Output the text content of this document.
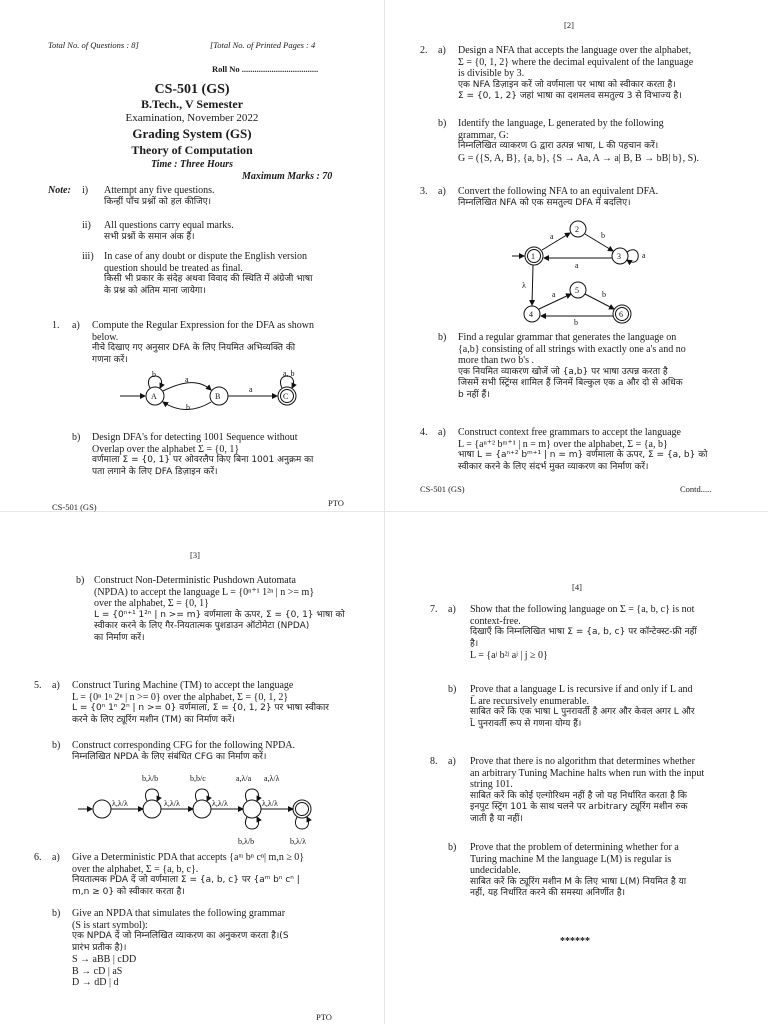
Total No. of Questions : 8]	[Total No. of Printed Pages : 4
Roll No ....................................
CS-501 (GS)
B.Tech., V Semester
Examination, November 2022
Grading System (GS)
Theory of Computation
Time : Three Hours
Maximum Marks : 70
Note: i) Attempt any five questions.
किन्हीं पाँच प्रश्नों को हल कीजिए।
ii) All questions carry equal marks.
सभी प्रश्नों के समान अंक हैं।
iii) In case of any doubt or dispute the English version
question should be treated as final.
किसी भी प्रकार के संदेह अथवा विवाद की स्थिति में अंग्रेजी भाषा
के प्रश्न को अंतिम माना जायेगा।
1. a) Compute the Regular Expression for the DFA as shown
below.
नीचे दिखाए गए अनुसार DFA के लिए नियमित अभिव्यक्ति की
गणना करें।
A	B	C
b
a
b
a
a, b
b) Design DFA's for detecting 1001 Sequence without
Overlap over the alphabet Σ = {0, 1}
वर्णमाला Σ = {0, 1} पर ओवरलैप किए बिना 1001 अनुक्रम का
पता लगाने के लिए DFA डिज़ाइन करें।
CS-501 (GS)	PTO
[2]
2. a) Design a NFA that accepts the language over the alphabet,
Σ = {0, 1, 2} where the decimal equivalent of the language
is divisible by 3.
एक NFA डिज़ाइन करें जो वर्णमाला पर भाषा को स्वीकार करता है।
Σ = {0, 1, 2} जहां भाषा का दशमलव समतुल्य 3 से विभाज्य है।
b) Identify the language, L generated by the following
grammar, G:
निम्नलिखित व्याकरण G द्वारा उत्पन्न भाषा, L की पहचान करें।
G = ({S, A, B}, {a, b}, {S → Aa, A → a| B, B → bB| b}, S).
3. a) Convert the following NFA to an equivalent DFA.
निम्नलिखित NFA को एक समतुल्य DFA में बदलिए।
1
2
3
4
5
6
a	b
a
a
λ
a	b
b
b) Find a regular grammar that generates the language on
{a,b} consisting of all strings with exactly one a's and no
more than two b's .
एक नियमित व्याकरण खोजें जो {a,b} पर भाषा उत्पन्न करता है
जिसमें सभी स्ट्रिंग्स शामिल हैं जिनमें बिल्कुल एक a और दो से अधिक
b नहीं हैं।
4. a) Construct context free grammars to accept the language
L = {aⁿ⁺² bᵐ⁺¹ | n = m} over the alphabet, Σ = {a, b}
भाषा L = {aⁿ⁺² bᵐ⁺¹ | n = m} वर्णमाला के ऊपर, Σ = {a, b} को
स्वीकार करने के लिए संदर्भ मुक्त व्याकरण का निर्माण करें।
CS-501 (GS)	Contd.....
[3]
b) Construct Non-Deterministic Pushdown Automata
(NPDA) to accept the language L = {0ⁿ⁺¹ 1²ⁿ | n >= m}
over the alphabet, Σ = {0, 1}
L = {0ⁿ⁺¹ 1²ⁿ | n >= m} वर्णमाला के ऊपर, Σ = {0, 1} भाषा को
स्वीकार करने के लिए गैर-नियतात्मक पुशडाउन ऑटोमेटा (NPDA)
का निर्माण करें।
5. a) Construct Turing Machine (TM) to accept the language
L = {0ⁿ 1ⁿ 2ⁿ | n >= 0} over the alphabet, Σ = {0, 1, 2}
L = {0ⁿ 1ⁿ 2ⁿ | n >= 0} वर्णमाला, Σ = {0, 1, 2} पर भाषा स्वीकार
करने के लिए ट्यूरिंग मशीन (TM) का निर्माण करें।
b) Construct corresponding CFG for the following NPDA.
निम्नलिखित NPDA के लिए संबंधित CFG का निर्माण करें।
b,λ/b	b,b/c	a,λ/a a,λ/λ
λ,λ/λ	λ,λ/λ	λ,λ/λ	λ,λ/λ
b,λ/b	b,λ/λ
6. a) Give a Deterministic PDA that accepts {aᵐ bⁿ cⁿ| m,n ≥ 0}
over the alphabet, Σ = {a, b, c}.
नियतात्मक PDA दें जो वर्णमाला Σ = {a, b, c} पर {aᵐ bⁿ cⁿ |
m,n ≥ 0} को स्वीकार करता है।
b) Give an NPDA that simulates the following grammar
(S is start symbol):
एक NPDA दें जो निम्नलिखित व्याकरण का अनुकरण करता है।(S
प्रारंभ प्रतीक है)।
S → aBB | cDD
B → cD | aS
D → dD | d
PTO
[4]
7. a) Show that the following language on Σ = {a, b, c} is not
context-free.
दिखाएँ कि निम्नलिखित भाषा Σ = {a, b, c} पर कॉन्टेक्स्ट-फ्री नहीं
है।
L = {aʲ b²ʲ aʲ | j ≥ 0}
b) Prove that a language L is recursive if and only if L and
L̄ are recursively enumerable.
साबित करें कि एक भाषा L पुनरावर्ती है अगर और केवल अगर L और
L̄ पुनरावर्ती रूप से गणना योग्य हैं।
8. a) Prove that there is no algorithm that determines whether
an arbitrary Tuning Machine halts when run with the input
string 101.
साबित करें कि कोई एल्गोरिथम नहीं है जो यह निर्धारित करता है कि
इनपुट स्ट्रिंग 101 के साथ चलने पर arbitrary ट्यूरिंग मशीन रुक
जाती है या नहीं।
b) Prove that the problem of determining whether for a
Turing machine M the language L(M) is regular is
undecidable.
साबित करें कि ट्यूरिंग मशीन M के लिए भाषा L(M) नियमित है या
नहीं, यह निर्धारित करने की समस्या अनिर्णीत है।
******
